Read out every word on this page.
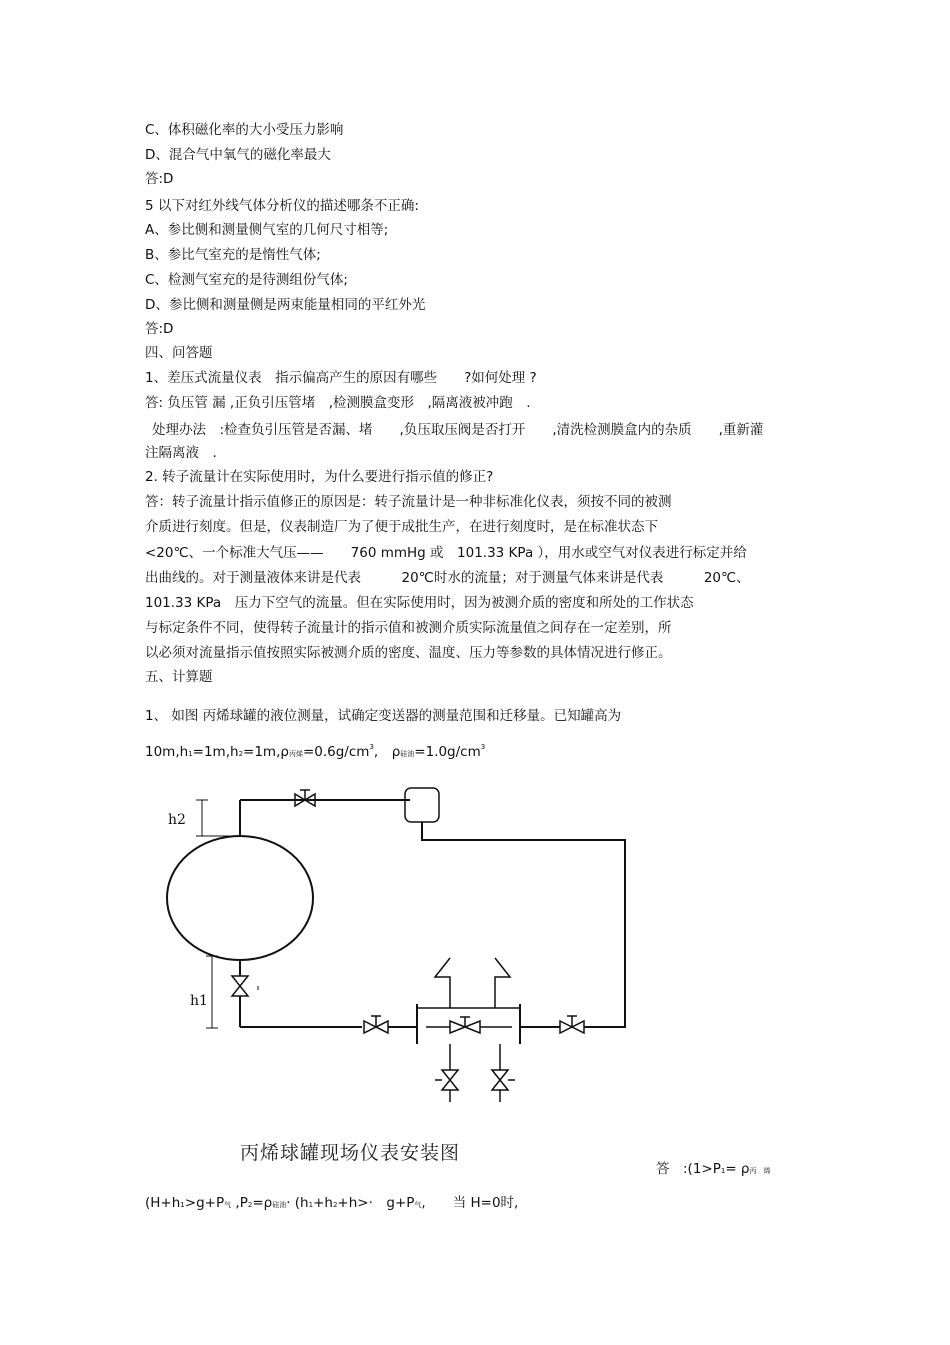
C、体积磁化率的大小受压力影响
D、混合气中氧气的磁化率最大
答:D
5 以下对红外线气体分析仪的描述哪条不正确:
A、参比侧和测量侧气室的几何尺寸相等;
B、参比气室充的是惰性气体;
C、检测气室充的是待测组份气体;
D、参比侧和测量侧是两束能量相同的平红外光
答:D
四、问答题
1、差压式流量仪表　指示偏高产生的原因有哪些　　?如何处理 ?
答: 负压管 漏 ,正负引压管堵　,检测膜盒变形　,隔离液被冲跑　.
处理办法　:检查负引压管是否漏、堵　　,负压取压阀是否打开　　,清洗检测膜盒内的杂质　　,重新灌
注隔离液　.
2. 转子流量计在实际使用时，为什么要进行指示值的修正?
答：转子流量计指示值修正的原因是：转子流量计是一种非标准化仪表，须按不同的被测
介质进行刻度。但是，仪表制造厂为了便于成批生产，在进行刻度时，是在标准状态下
<20℃、一个标准大气压——　　760 mmHg 或　101.33 KPa ），用水或空气对仪表进行标定并给
出曲线的。对于测量液体来讲是代表　　　20℃时水的流量；对于测量气体来讲是代表　　　20℃、
101.33 KPa　压力下空气的流量。但在实际使用时，因为被测介质的密度和所处的工作状态
与标定条件不同，使得转子流量计的指示值和被测介质实际流量值之间存在一定差别，所
以必须对流量指示值按照实际被测介质的密度、温度、压力等参数的具体情况进行修正。
五、计算题
1、 如图 丙烯球罐的液位测量，试确定变送器的测量范围和迁移量。已知罐高为
10m,h1=1m,h2=1m,ρ丙烯$=0.6g/cm^3$,　ρ硅油$=1.0g/cm^3$
h2
h1
丙烯球罐现场仪表安装图
答　:(1>P1= ρ丙　烯
(H+h1>g+P气 ,P2=ρ硅油· (h1+h2+h>·　g+P气,　　当 H=0时,
